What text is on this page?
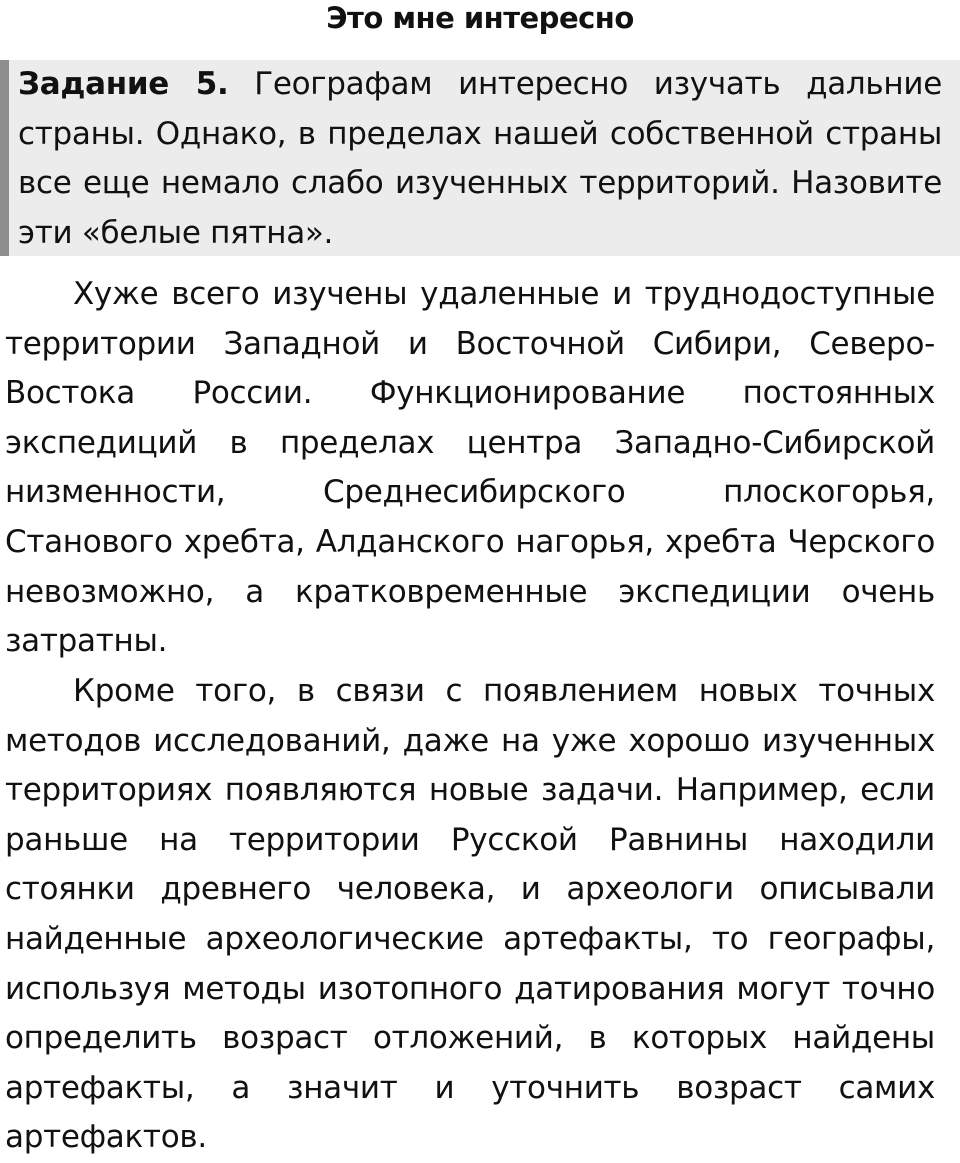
Это мне интересно

Задание 5. Географам интересно изучать дальние страны. Однако, в пределах нашей собственной страны все еще немало слабо изученных территорий. Назовите эти «белые пятна».

Хуже всего изучены удаленные и труднодоступные территории Западной и Восточной Сибири, Северо-Востока России. Функционирование постоянных экспедиций в пределах центра Западно-Сибирской низменности, Среднесибирского плоскогорья, Станового хребта, Алданского нагорья, хребта Черского невозможно, а кратковременные экспедиции очень затратны.

Кроме того, в связи с появлением новых точных методов исследований, даже на уже хорошо изученных территориях появляются новые задачи. Например, если раньше на территории Русской Равнины находили стоянки древнего человека, и археологи описывали найденные археологические артефакты, то географы, используя методы изотопного датирования могут точно определить возраст отложений, в которых найдены артефакты, а значит и уточнить возраст самих артефактов.
